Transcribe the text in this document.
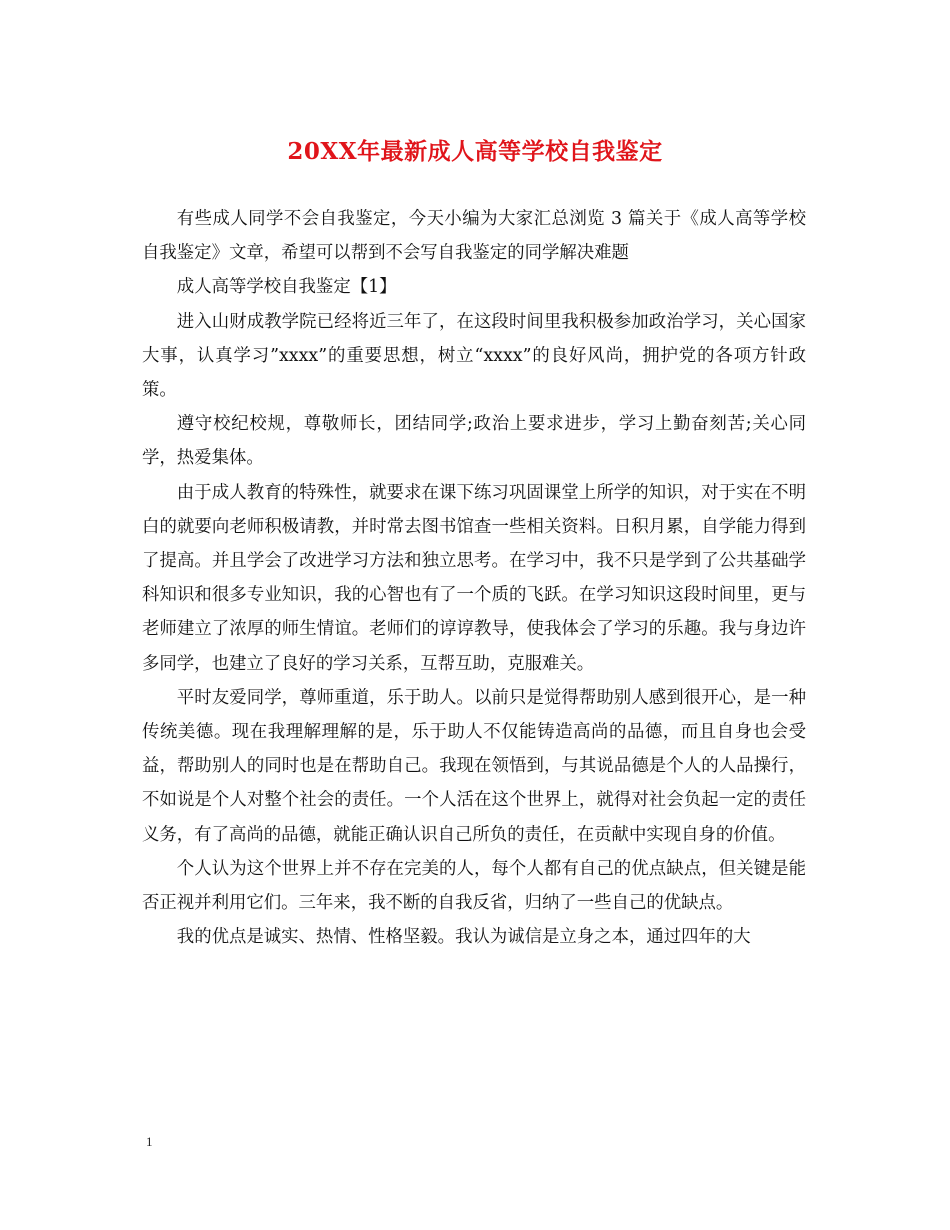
20XX年最新成人高等学校自我鉴定

有些成人同学不会自我鉴定，今天小编为大家汇总浏览 3 篇关于《成人高等学校自我鉴定》文章，希望可以帮到不会写自我鉴定的同学解决难题

成人高等学校自我鉴定【1】

进入山财成教学院已经将近三年了，在这段时间里我积极参加政治学习，关心国家大事，认真学习”xxxx”的重要思想，树立“xxxx”的良好风尚，拥护党的各项方针政策。

遵守校纪校规，尊敬师长，团结同学;政治上要求进步，学习上勤奋刻苦;关心同学，热爱集体。

由于成人教育的特殊性，就要求在课下练习巩固课堂上所学的知识，对于实在不明白的就要向老师积极请教，并时常去图书馆查一些相关资料。日积月累，自学能力得到了提高。并且学会了改进学习方法和独立思考。在学习中，我不只是学到了公共基础学科知识和很多专业知识，我的心智也有了一个质的飞跃。在学习知识这段时间里，更与老师建立了浓厚的师生情谊。老师们的谆谆教导，使我体会了学习的乐趣。我与身边许多同学，也建立了良好的学习关系，互帮互助，克服难关。

平时友爱同学，尊师重道，乐于助人。以前只是觉得帮助别人感到很开心，是一种传统美德。现在我理解理解的是，乐于助人不仅能铸造高尚的品德，而且自身也会受益，帮助别人的同时也是在帮助自己。我现在领悟到，与其说品德是个人的人品操行，不如说是个人对整个社会的责任。一个人活在这个世界上，就得对社会负起一定的责任义务，有了高尚的品德，就能正确认识自己所负的责任，在贡献中实现自身的价值。

个人认为这个世界上并不存在完美的人，每个人都有自己的优点缺点，但关键是能否正视并利用它们。三年来，我不断的自我反省，归纳了一些自己的优缺点。

我的优点是诚实、热情、性格坚毅。我认为诚信是立身之本，通过四年的大

1
